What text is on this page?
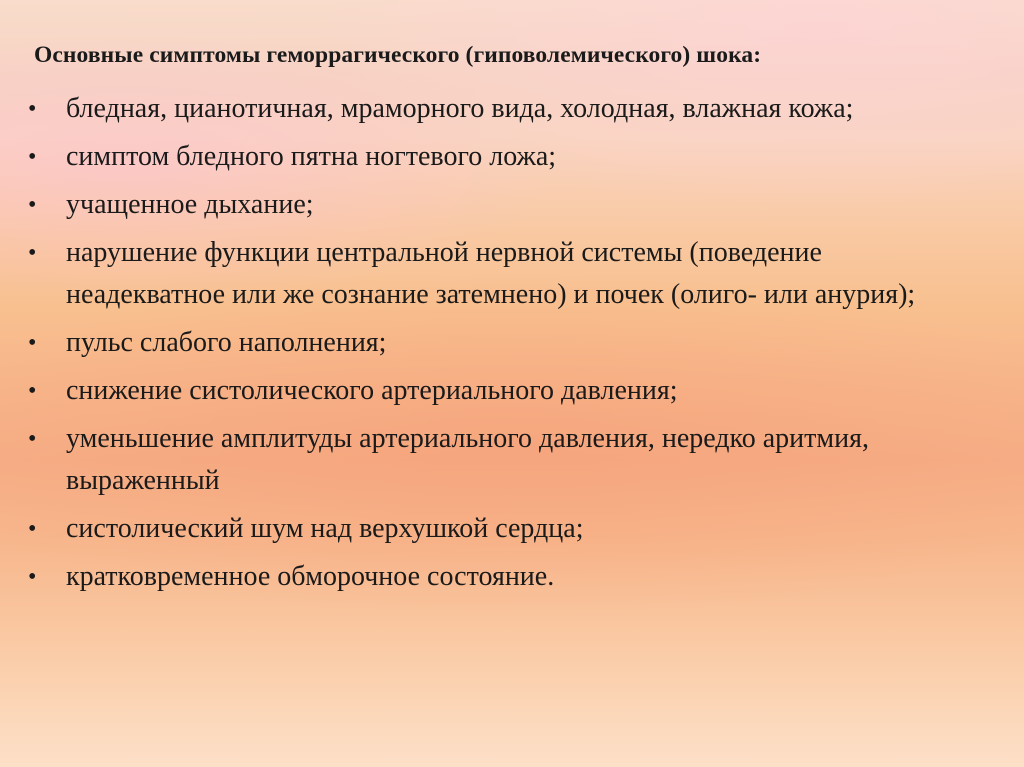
Основные симптомы геморрагического (гиповолемического) шока:
• бледная, цианотичная, мраморного вида, холодная, влажная кожа;
• симптом бледного пятна ногтевого ложа;
• учащенное дыхание;
• нарушение функции центральной нервной системы (поведение неадекватное или же сознание затемнено) и почек (олиго- или анурия);
• пульс слабого наполнения;
• снижение систолического артериального давления;
• уменьшение амплитуды артериального давления, нередко аритмия, выраженный
• систолический шум над верхушкой сердца;
• кратковременное обморочное состояние.
